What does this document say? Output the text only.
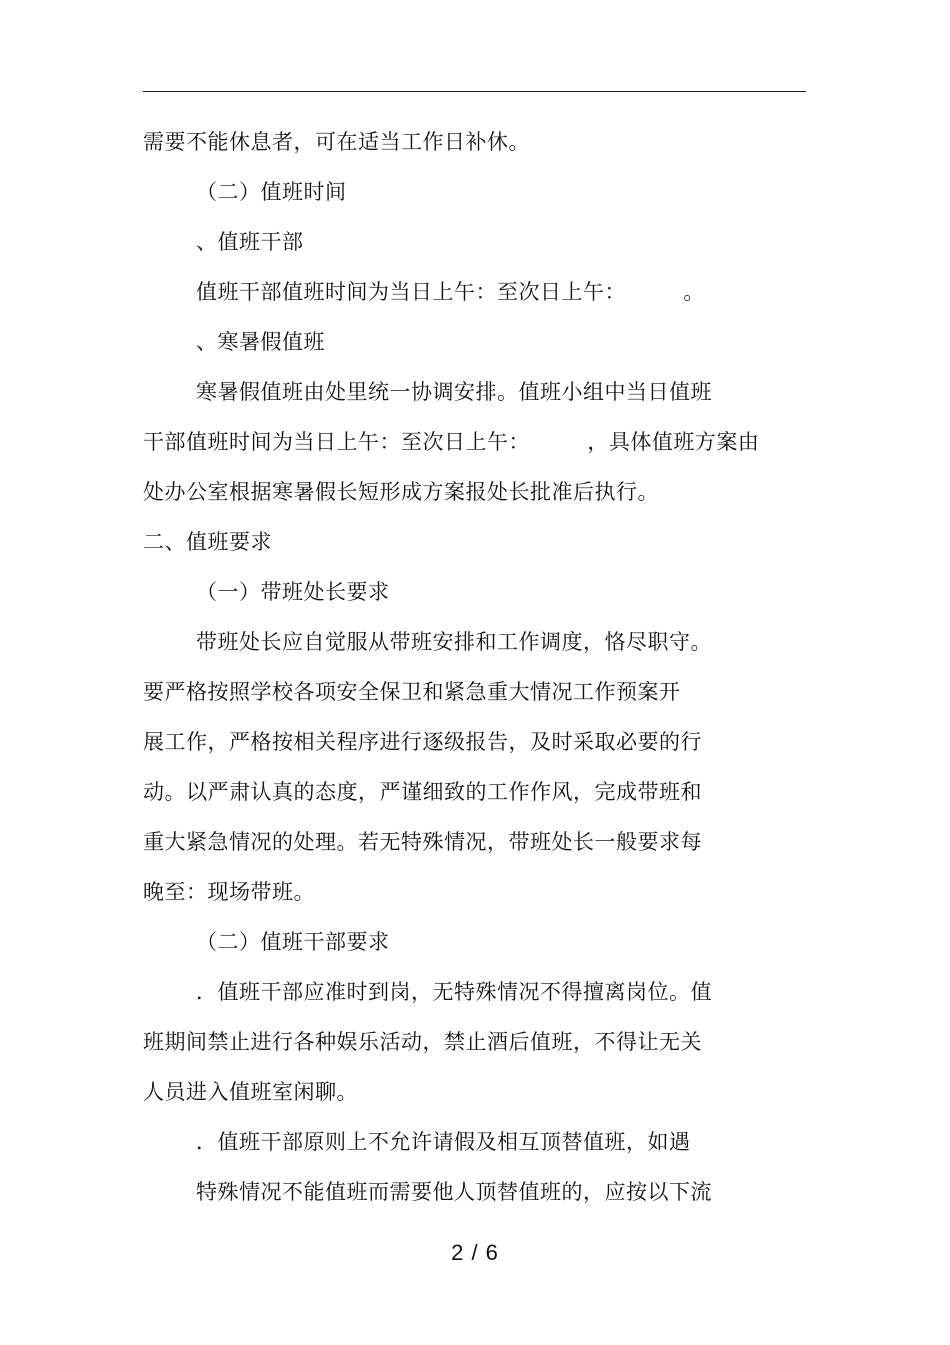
需要不能休息者，可在适当工作日补休。
（二）值班时间
、值班干部
值班干部值班时间为当日上午：至次日上午：        。
、寒暑假值班
寒暑假值班由处里统一协调安排。值班小组中当日值班
干部值班时间为当日上午：至次日上午：        ，具体值班方案由
处办公室根据寒暑假长短形成方案报处长批准后执行。
二、值班要求
（一）带班处长要求
带班处长应自觉服从带班安排和工作调度，恪尽职守。
要严格按照学校各项安全保卫和紧急重大情况工作预案开
展工作，严格按相关程序进行逐级报告，及时采取必要的行
动。以严肃认真的态度，严谨细致的工作作风，完成带班和
重大紧急情况的处理。若无特殊情况，带班处长一般要求每
晚至：现场带班。
（二）值班干部要求
．值班干部应准时到岗，无特殊情况不得擅离岗位。值
班期间禁止进行各种娱乐活动，禁止酒后值班，不得让无关
人员进入值班室闲聊。
．值班干部原则上不允许请假及相互顶替值班，如遇
特殊情况不能值班而需要他人顶替值班的，应按以下流
2 / 6
